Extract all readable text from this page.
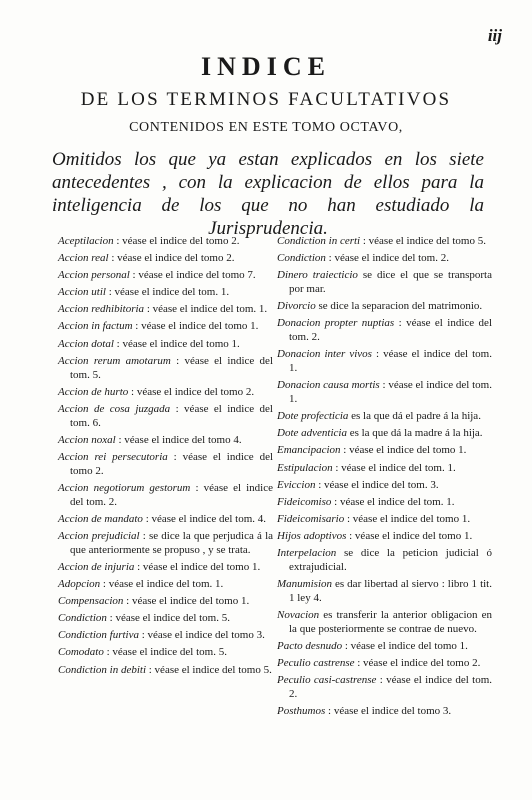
iij
INDICE
DE LOS TERMINOS FACULTATIVOS
CONTENIDOS EN ESTE TOMO OCTAVO,
Omitidos los que ya estan explicados en los siete antecedentes , con la explicacion de ellos para la inteligencia de los que no han estudiado la Jurisprudencia.
Aceptilacion : véase el indice del tomo 2.
Accion real : véase el indice del tomo 2.
Accion personal : véase el indice del tomo 7.
Accion util : véase el indice del tom. 1.
Accion redhibitoria : véase el indice del tom. 1.
Accion in factum : véase el indice del tomo 1.
Accion dotal : véase el indice del tomo 1.
Accion rerum amotarum : véase el indice del tom. 5.
Accion de hurto : véase el indice del tomo 2.
Accion de cosa juzgada : véase el indice del tom. 6.
Accion noxal : véase el indice del tomo 4.
Accion rei persecutoria : véase el indice del tomo 2.
Accion negotiorum gestorum : véase el indice del tom. 2.
Accion de mandato : véase el indice del tom. 4.
Accion prejudicial : se dice la que perjudica á la que anteriormente se propuso , y se trata.
Accion de injuria : véase el indice del tomo 1.
Adopcion : véase el indice del tom. 1.
Compensacion : véase el indice del tomo 1.
Condiction : véase el indice del tom. 5.
Condiction furtiva : véase el indice del tomo 3.
Comodato : véase el indice del tom. 5.
Condiction in debiti : véase el indice del tomo 5.
Condiction in certi : véase el indice del tomo 5.
Condiction : véase el indice del tom. 2.
Dinero traiecticio se dice el que se transporta por mar.
Divorcio se dice la separacion del matrimonio.
Donacion propter nuptias : véase el indice del tom. 2.
Donacion inter vivos : véase el indice del tom. 1.
Donacion causa mortis : véase el indice del tom. 1.
Dote profecticia es la que dá el padre á la hija.
Dote adventicia es la que dá la madre á la hija.
Emancipacion : véase el indice del tomo 1.
Estipulacion : véase el indice del tom. 1.
Eviccion : véase el indice del tom. 3.
Fideicomiso : véase el indice del tom. 1.
Fideicomisario : véase el indice del tomo 1.
Hijos adoptivos : véase el indice del tomo 1.
Interpelacion se dice la peticion judicial ó extrajudicial.
Manumision es dar libertad al siervo : libro 1 tit. 1 ley 4.
Novacion es transferir la anterior obligacion en la que posteriormente se contrae de nuevo.
Pacto desnudo : véase el indice del tomo 1.
Peculio castrense : véase el indice del tomo 2.
Peculio casi-castrense : véase el indice del tom. 2.
Posthumos : véase el indice del tomo 3.
